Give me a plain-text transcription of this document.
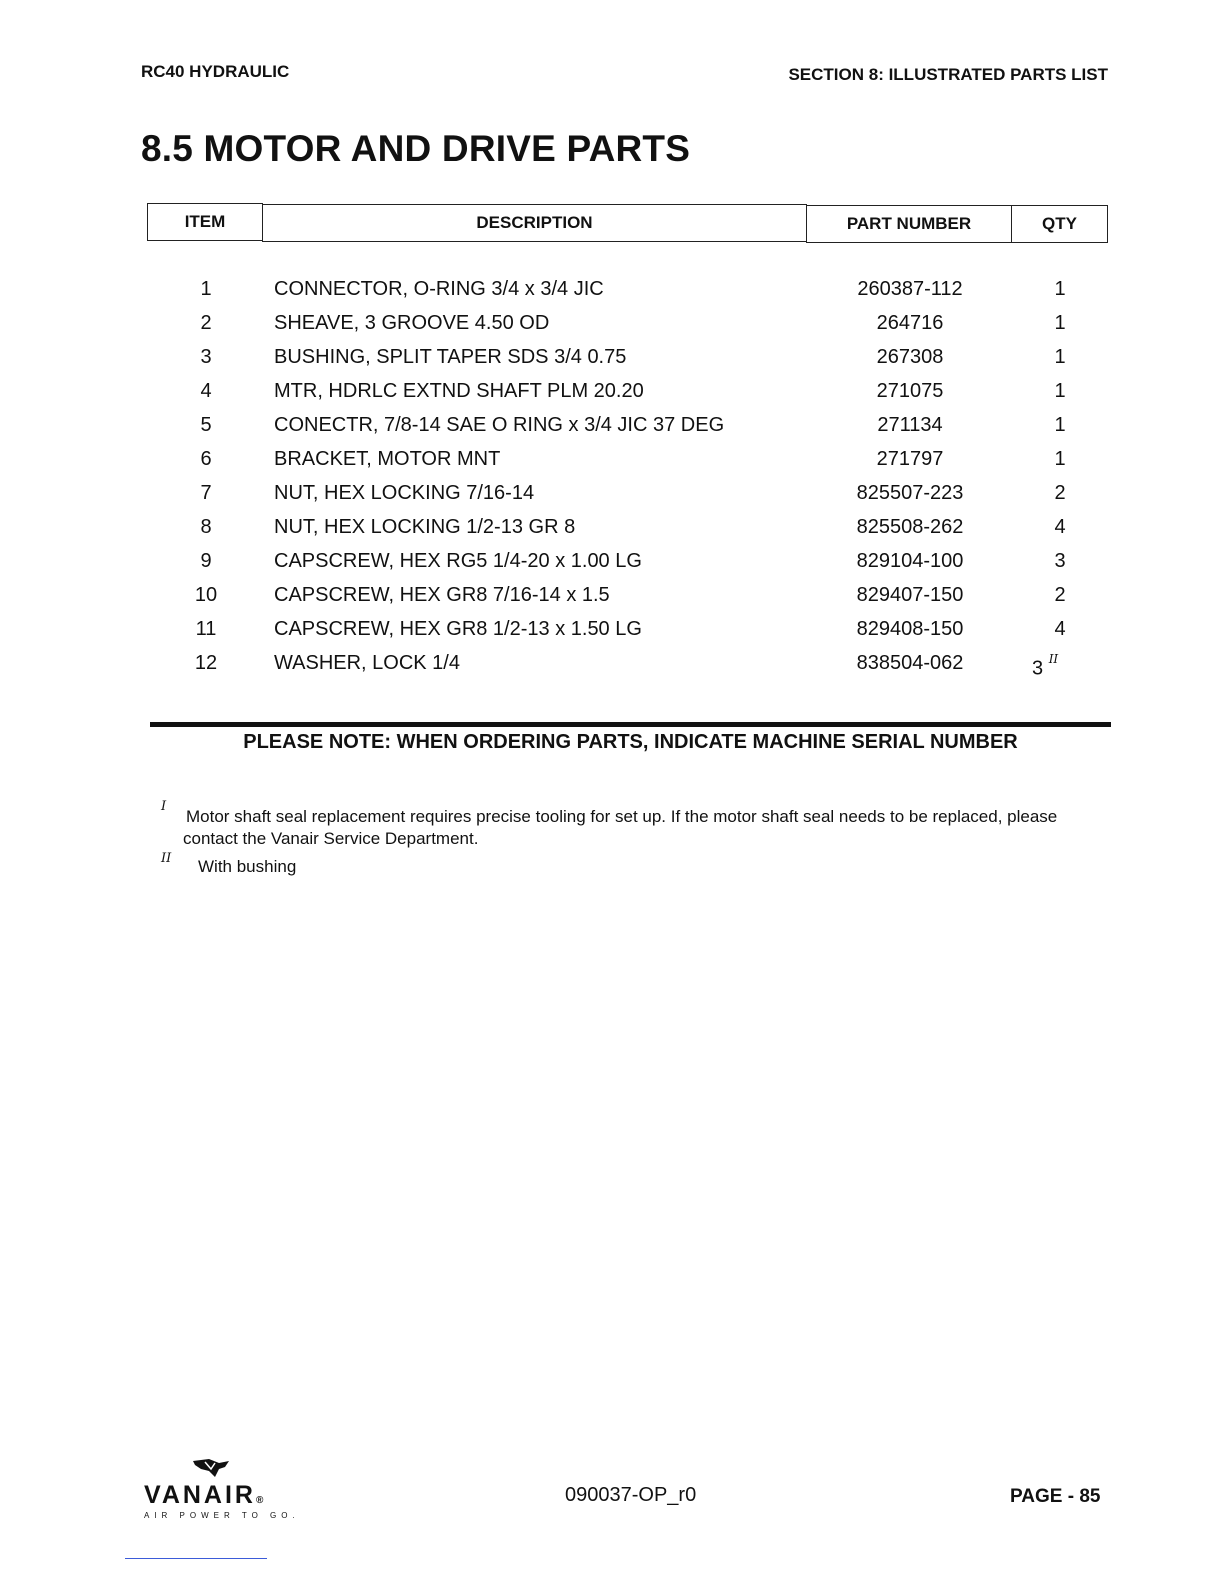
RC40 HYDRAULIC	SECTION 8: ILLUSTRATED PARTS LIST
8.5 MOTOR AND DRIVE PARTS
ITEM	DESCRIPTION	PART NUMBER	QTY
1	CONNECTOR, O-RING 3/4 x 3/4 JIC	260387-112	1
2	SHEAVE, 3 GROOVE 4.50 OD	264716	1
3	BUSHING, SPLIT TAPER SDS 3/4 0.75	267308	1
4	MTR, HDRLC EXTND SHAFT PLM 20.20	271075	1
5	CONECTR, 7/8-14 SAE O RING x 3/4 JIC 37 DEG	271134	1
6	BRACKET, MOTOR MNT	271797	1
7	NUT, HEX LOCKING 7/16-14	825507-223	2
8	NUT, HEX LOCKING 1/2-13 GR 8	825508-262	4
9	CAPSCREW, HEX RG5 1/4-20 x 1.00 LG	829104-100	3
10	CAPSCREW, HEX GR8 7/16-14 x 1.5	829407-150	2
11	CAPSCREW, HEX GR8 1/2-13 x 1.50 LG	829408-150	4
12	WASHER, LOCK 1/4	838504-062	3 $^{II}$
PLEASE NOTE: WHEN ORDERING PARTS, INDICATE MACHINE SERIAL NUMBER
I
Motor shaft seal replacement requires precise tooling for set up. If the motor shaft seal needs to be replaced, please
contact the Vanair Service Department.
II With bushing
VANAIR®
AIR POWER TO GO.
090037-OP_r0	PAGE - 85
